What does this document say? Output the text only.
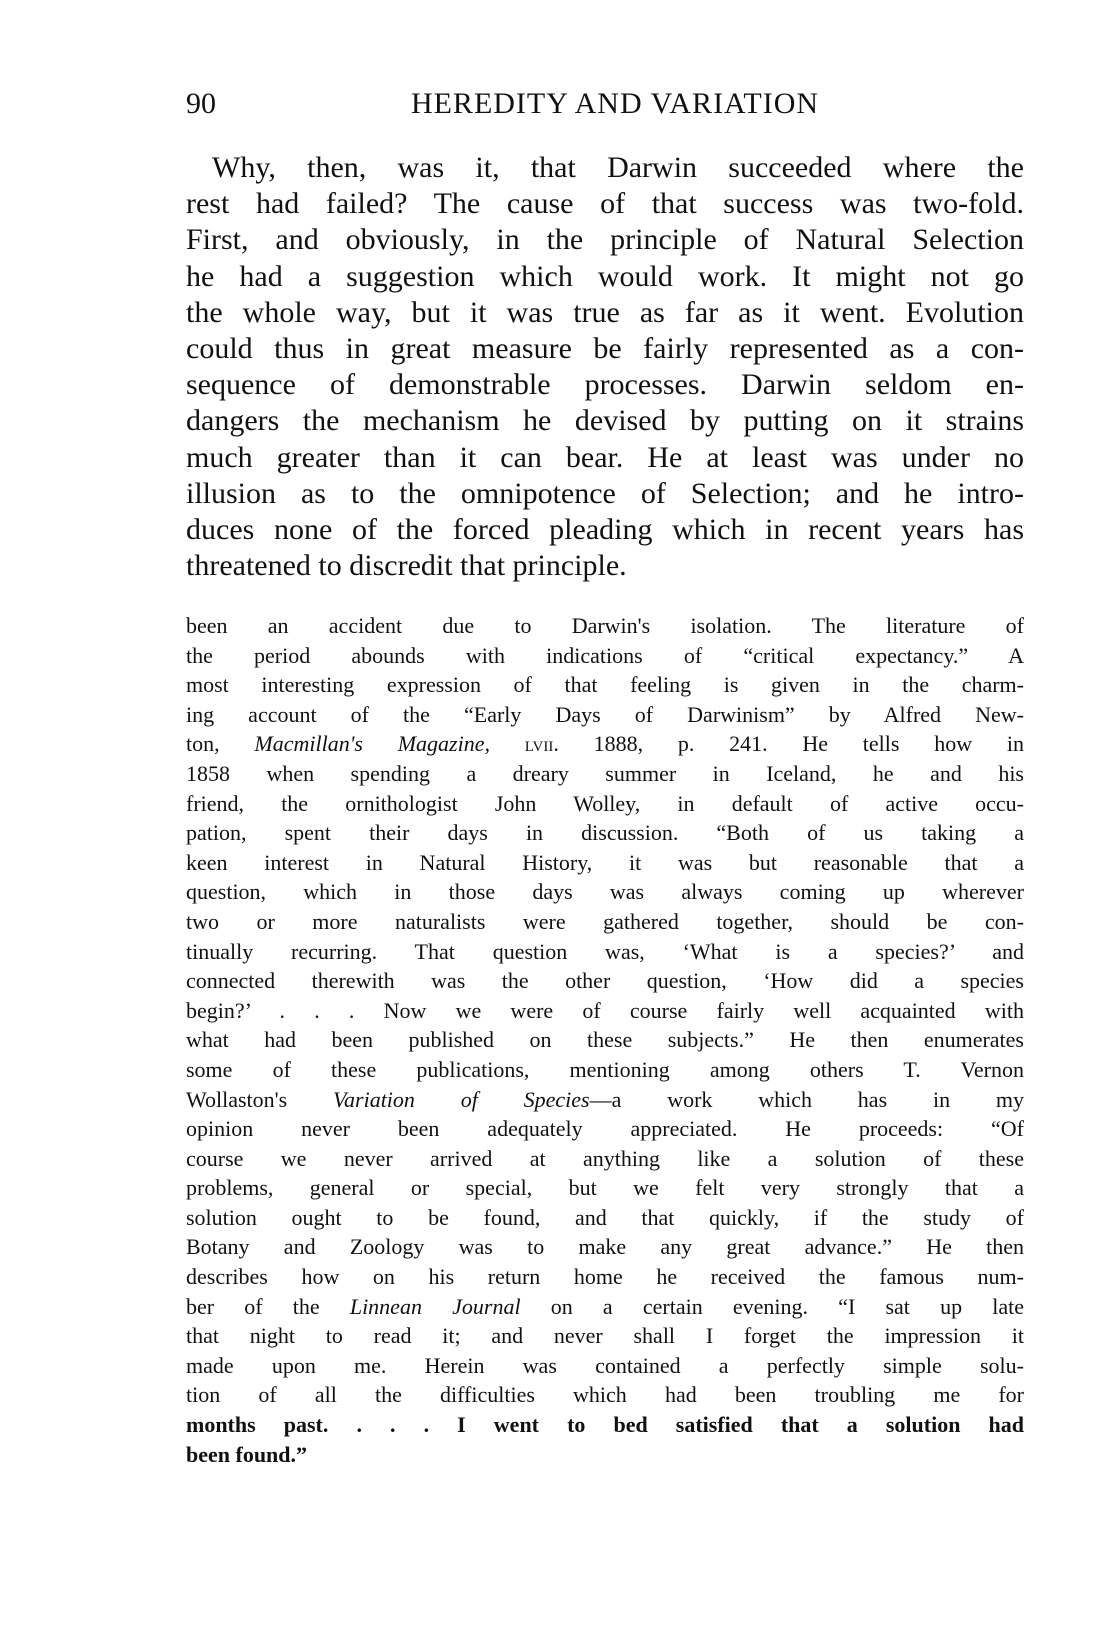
90	HEREDITY AND VARIATION
Why, then, was it, that Darwin succeeded where the
rest had failed? The cause of that success was two-fold.
First, and obviously, in the principle of Natural Selection
he had a suggestion which would work. It might not go
the whole way, but it was true as far as it went. Evolution
could thus in great measure be fairly represented as a con-
sequence of demonstrable processes. Darwin seldom en-
dangers the mechanism he devised by putting on it strains
much greater than it can bear. He at least was under no
illusion as to the omnipotence of Selection; and he intro-
duces none of the forced pleading which in recent years has
threatened to discredit that principle.
been an accident due to Darwin's isolation. The literature of
the period abounds with indications of “critical expectancy.” A
most interesting expression of that feeling is given in the charm-
ing account of the “Early Days of Darwinism” by Alfred New-
ton, Macmillan's Magazine, lvii. 1888, p. 241. He tells how in
1858 when spending a dreary summer in Iceland, he and his
friend, the ornithologist John Wolley, in default of active occu-
pation, spent their days in discussion. “Both of us taking a
keen interest in Natural History, it was but reasonable that a
question, which in those days was always coming up wherever
two or more naturalists were gathered together, should be con-
tinually recurring. That question was, ‘What is a species?’ and
connected therewith was the other question, ‘How did a species
begin?’ . . . Now we were of course fairly well acquainted with
what had been published on these subjects.” He then enumerates
some of these publications, mentioning among others T. Vernon
Wollaston's Variation of Species—a work which has in my
opinion never been adequately appreciated. He proceeds: “Of
course we never arrived at anything like a solution of these
problems, general or special, but we felt very strongly that a
solution ought to be found, and that quickly, if the study of
Botany and Zoology was to make any great advance.” He then
describes how on his return home he received the famous num-
ber of the Linnean Journal on a certain evening. “I sat up late
that night to read it; and never shall I forget the impression it
made upon me. Herein was contained a perfectly simple solu-
tion of all the difficulties which had been troubling me for
months past. . . . I went to bed satisfied that a solution had
been found.”
